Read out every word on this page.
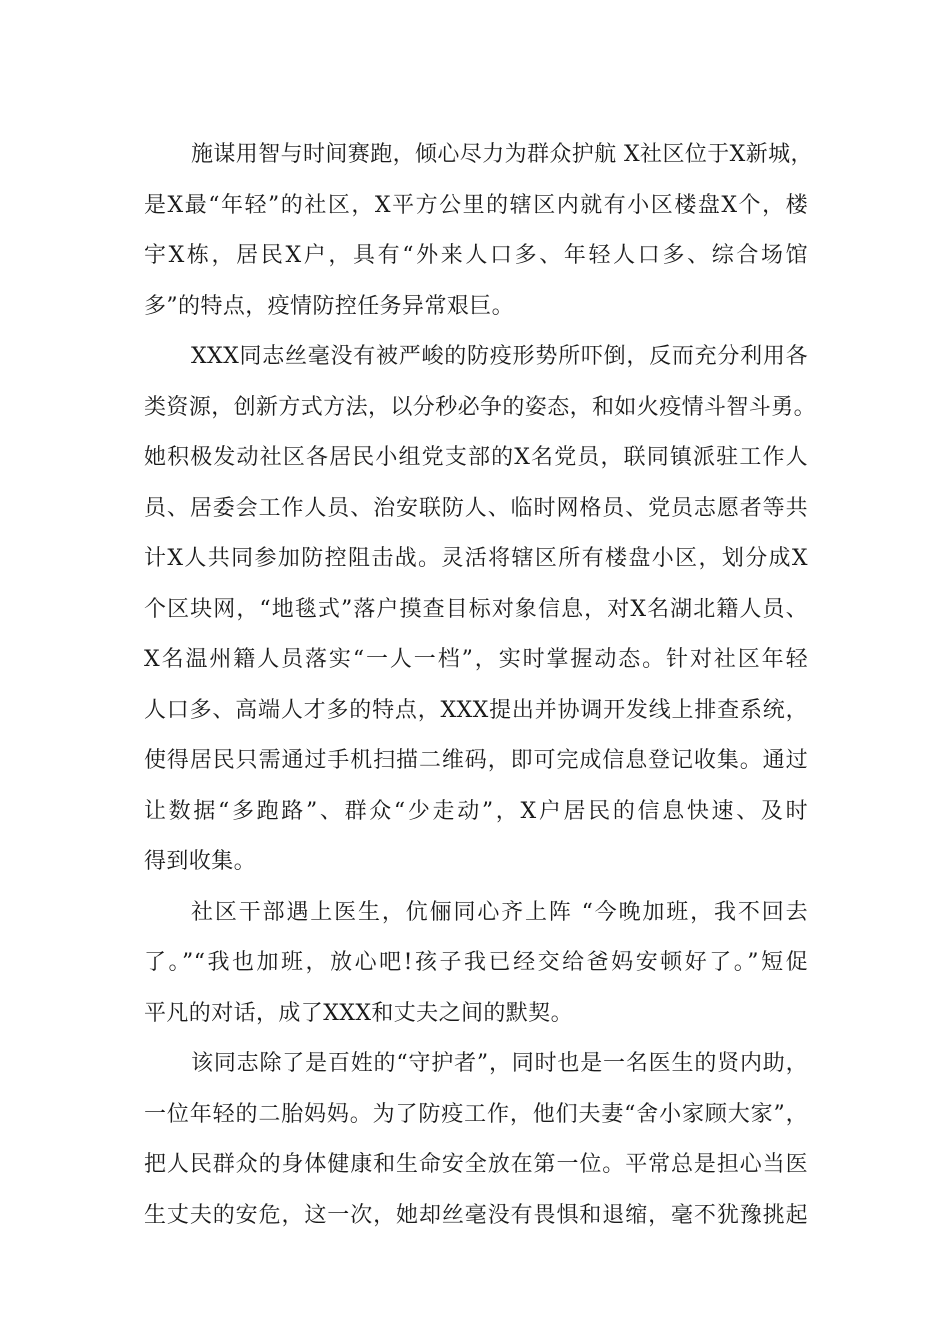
施谋用智与时间赛跑，倾心尽力为群众护航 X社区位于X新城，
是X最“年轻”的社区，X平方公里的辖区内就有小区楼盘X个，楼
宇X栋，居民X户，具有“外来人口多、年轻人口多、综合场馆
多”的特点，疫情防控任务异常艰巨。
XXX同志丝毫没有被严峻的防疫形势所吓倒，反而充分利用各
类资源，创新方式方法，以分秒必争的姿态，和如火疫情斗智斗勇。
她积极发动社区各居民小组党支部的X名党员，联同镇派驻工作人
员、居委会工作人员、治安联防人、临时网格员、党员志愿者等共
计X人共同参加防控阻击战。灵活将辖区所有楼盘小区，划分成X
个区块网，“地毯式”落户摸查目标对象信息，对X名湖北籍人员、
X名温州籍人员落实“一人一档”，实时掌握动态。针对社区年轻
人口多、高端人才多的特点，XXX提出并协调开发线上排查系统，
使得居民只需通过手机扫描二维码，即可完成信息登记收集。通过
让数据“多跑路”、群众“少走动”，X户居民的信息快速、及时
得到收集。
社区干部遇上医生，伉俪同心齐上阵 “今晚加班，我不回去
了。”“我也加班，放心吧!孩子我已经交给爸妈安顿好了。”短促
平凡的对话，成了XXX和丈夫之间的默契。
该同志除了是百姓的“守护者”，同时也是一名医生的贤内助，
一位年轻的二胎妈妈。为了防疫工作，他们夫妻“舍小家顾大家”，
把人民群众的身体健康和生命安全放在第一位。平常总是担心当医
生丈夫的安危，这一次，她却丝毫没有畏惧和退缩，毫不犹豫挑起
